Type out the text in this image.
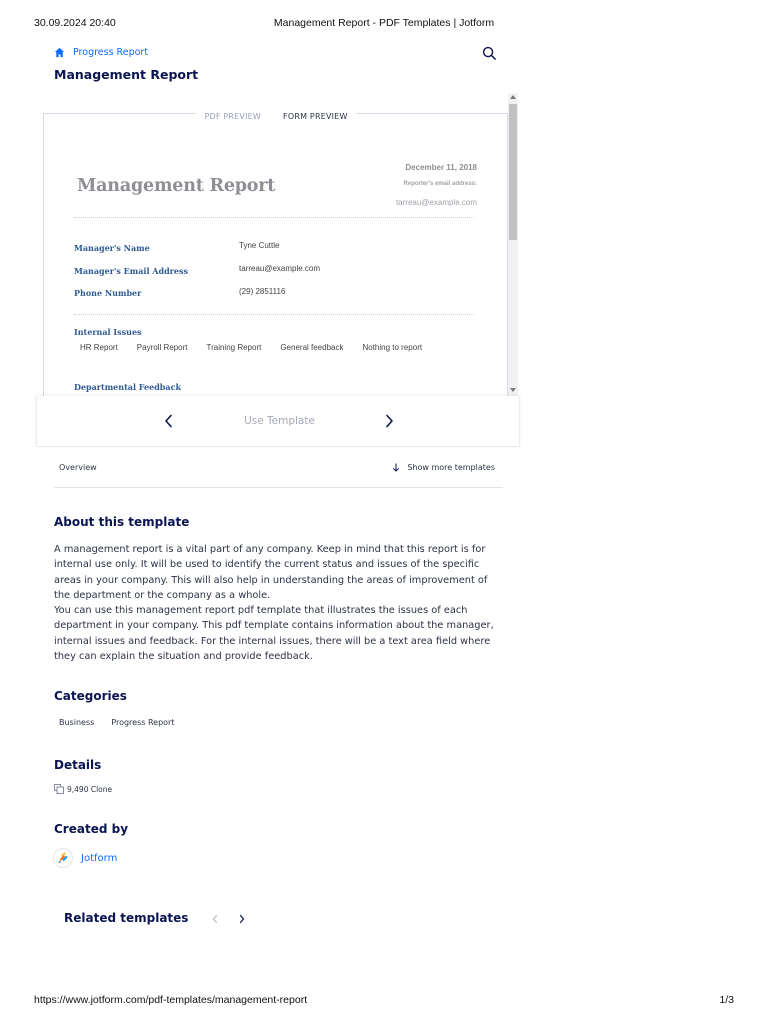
30.09.2024 20:40	Management Report - PDF Templates | Jotform
https://www.jotform.com/pdf-templates/management-report	1/3
Progress Report
Management Report
Management Report
December 11, 2018
Reporter's email address:
tarreau@example.com
Manager's Name	Tyne Cuttle
Manager's Email Address	tarreau@example.com
Phone Number	(29) 2851116
Internal Issues
HR Report Payroll Report Training Report General feedback Nothing to report
Departmental Feedback
Use Template
Overview	Show more templates
About this template

A management report is a vital part of any company. Keep in mind that this report is for internal use only. It will be used to identify the current status and issues of the specific areas in your company. This will also help in understanding the areas of improvement of the department or the company as a whole.

You can use this management report pdf template that illustrates the issues of each department in your company. This pdf template contains information about the manager, internal issues and feedback. For the internal issues, there will be a text area field where they can explain the situation and provide feedback.

Categories
Business Progress Report
Details
9,490 Clone
Created by
Jotform
Related templates
